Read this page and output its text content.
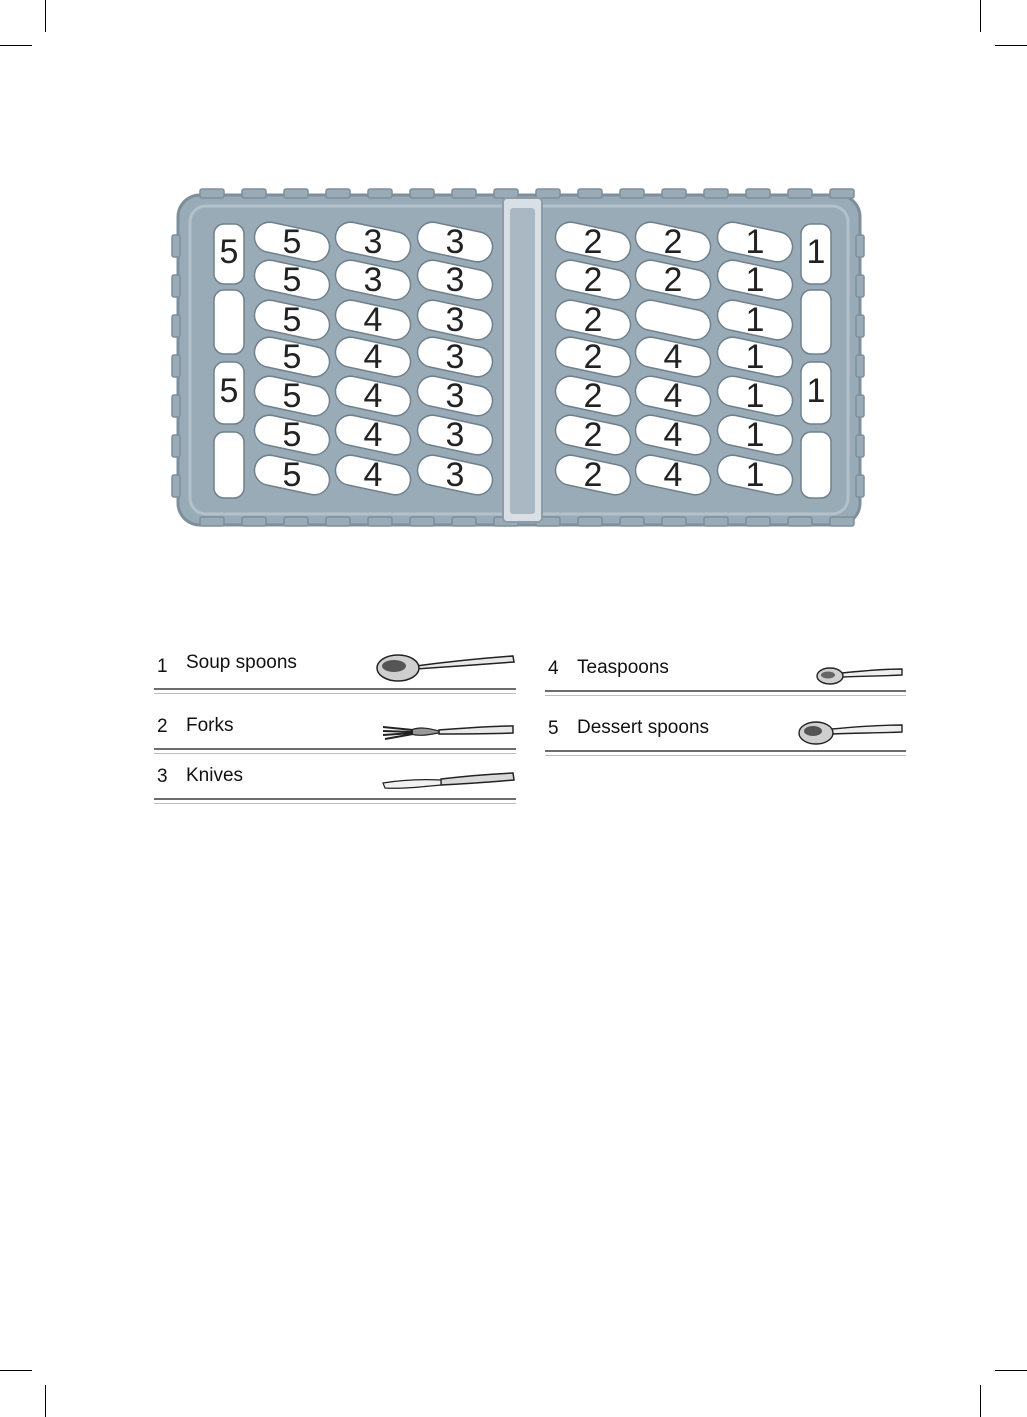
5
5
5
5
5
5
5
3
3
4
4
4
4
4
3
3
3
3
3
3
3
2
2
2
2
2
2
2
2
2
4
4
4
4
1
1
1
1
1
1
1
5
5
1
1
1 Soup spoons
2 Forks
3 Knives
4 Teaspoons
5 Dessert spoons
